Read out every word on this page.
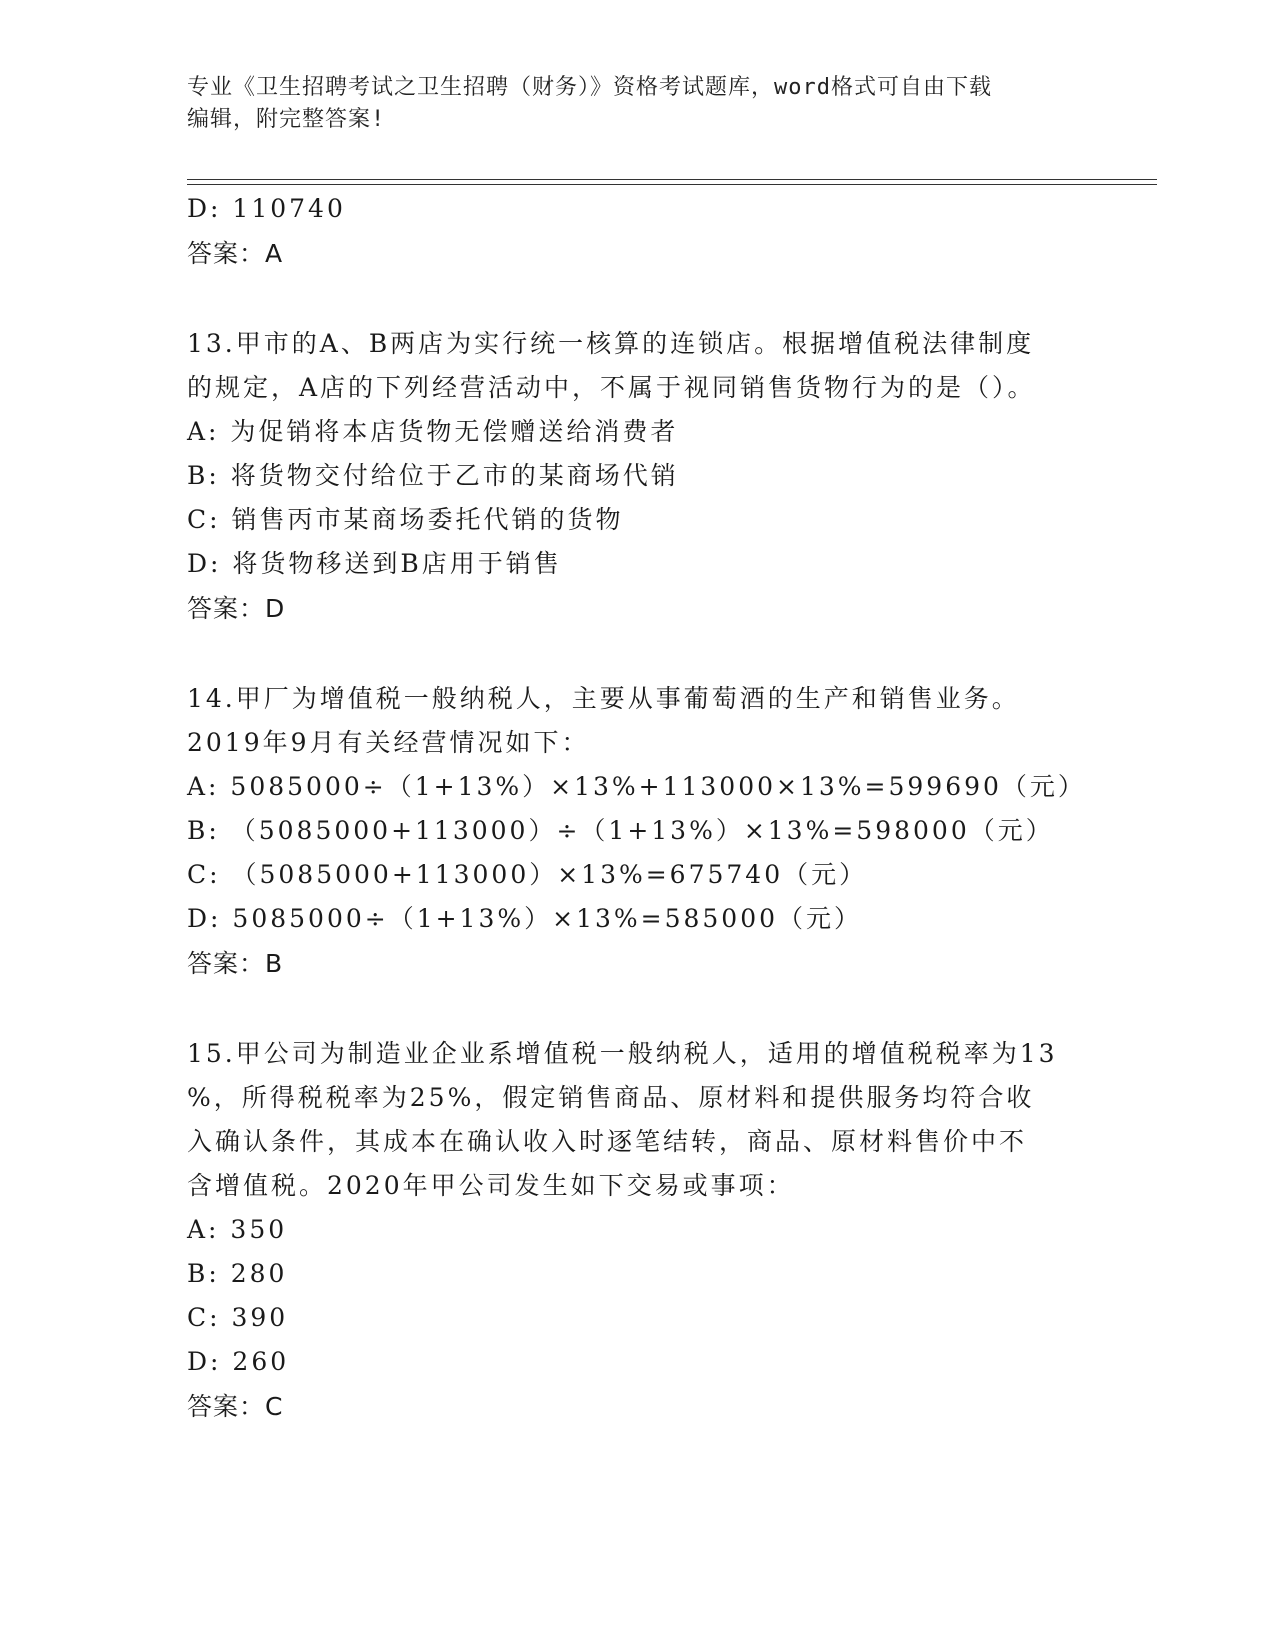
专业《卫生招聘考试之卫生招聘（财务）》资格考试题库，word格式可自由下载
编辑，附完整答案!
D: 110740
答案：A
13.甲市的A、B两店为实行统一核算的连锁店。根据增值税法律制度
的规定，A店的下列经营活动中，不属于视同销售货物行为的是（）。
A: 为促销将本店货物无偿赠送给消费者
B: 将货物交付给位于乙市的某商场代销
C: 销售丙市某商场委托代销的货物
D: 将货物移送到B店用于销售
答案：D
14.甲厂为增值税一般纳税人，主要从事葡萄酒的生产和销售业务。
2019年9月有关经营情况如下：
A: 5085000÷（1+13%）×13%+113000×13%=599690（元）
B: （5085000+113000）÷（1+13%）×13%=598000（元）
C: （5085000+113000）×13%=675740（元）
D: 5085000÷（1+13%）×13%=585000（元）
答案：B
15.甲公司为制造业企业系增值税一般纳税人，适用的增值税税率为13
%，所得税税率为25%，假定销售商品、原材料和提供服务均符合收
入确认条件，其成本在确认收入时逐笔结转，商品、原材料售价中不
含增值税。2020年甲公司发生如下交易或事项：
A: 350
B: 280
C: 390
D: 260
答案：C
